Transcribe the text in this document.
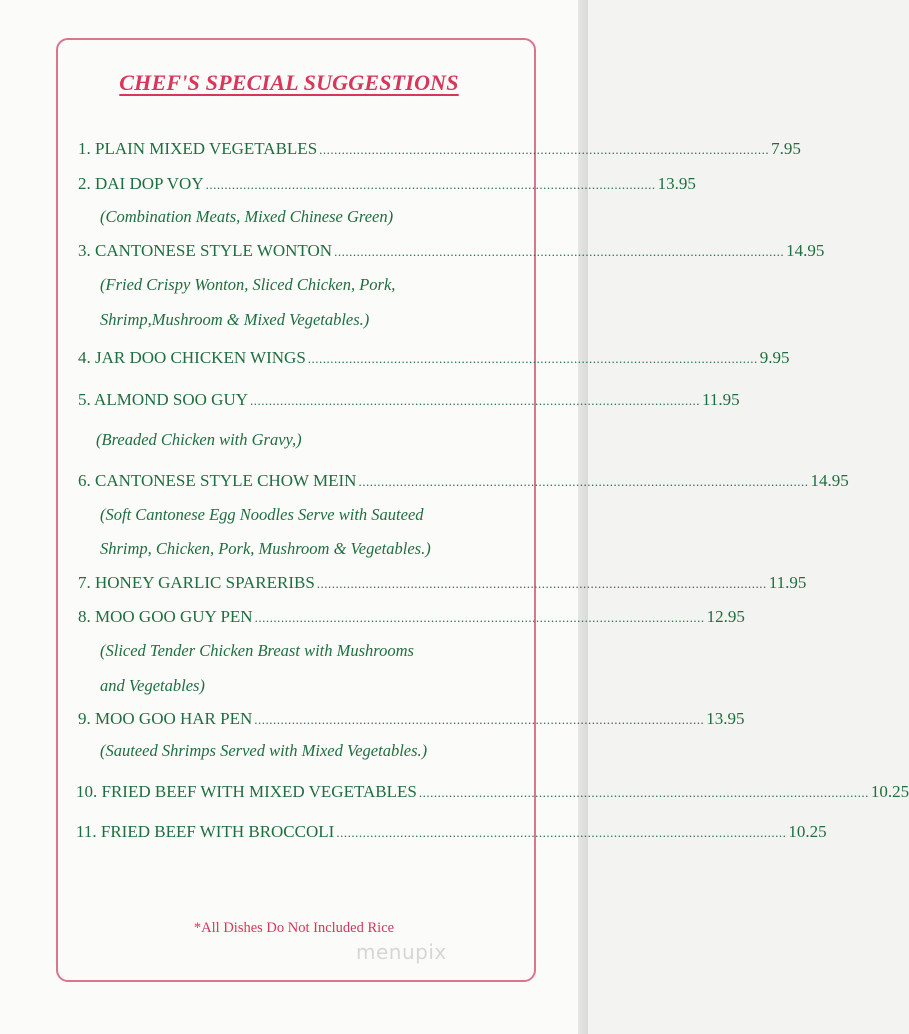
CHEF'S SPECIAL SUGGESTIONS
1. PLAIN MIXED VEGETABLES ........................................................................................................................ 7.95
2. DAI DOP VOY ........................................................................................................................ 13.95
(Combination Meats, Mixed Chinese Green)
3. CANTONESE STYLE WONTON ........................................................................................................................ 14.95
(Fried Crispy Wonton, Sliced Chicken, Pork,
Shrimp,Mushroom & Mixed Vegetables.)
4. JAR DOO CHICKEN WINGS ........................................................................................................................ 9.95
5. ALMOND SOO GUY ........................................................................................................................ 11.95
(Breaded Chicken with Gravy,)
6. CANTONESE STYLE CHOW MEIN ........................................................................................................................ 14.95
(Soft Cantonese Egg Noodles Serve with Sauteed
Shrimp, Chicken, Pork, Mushroom & Vegetables.)
7. HONEY GARLIC SPARERIBS ........................................................................................................................ 11.95
8. MOO GOO GUY PEN ........................................................................................................................ 12.95
(Sliced Tender Chicken Breast with Mushrooms
and Vegetables)
9. MOO GOO HAR PEN ........................................................................................................................ 13.95
(Sauteed Shrimps Served with Mixed Vegetables.)
10. FRIED BEEF WITH MIXED VEGETABLES ........................................................................................................................ 10.25
11. FRIED BEEF WITH BROCCOLI ........................................................................................................................ 10.25
*All Dishes Do Not Included Rice
menupix
